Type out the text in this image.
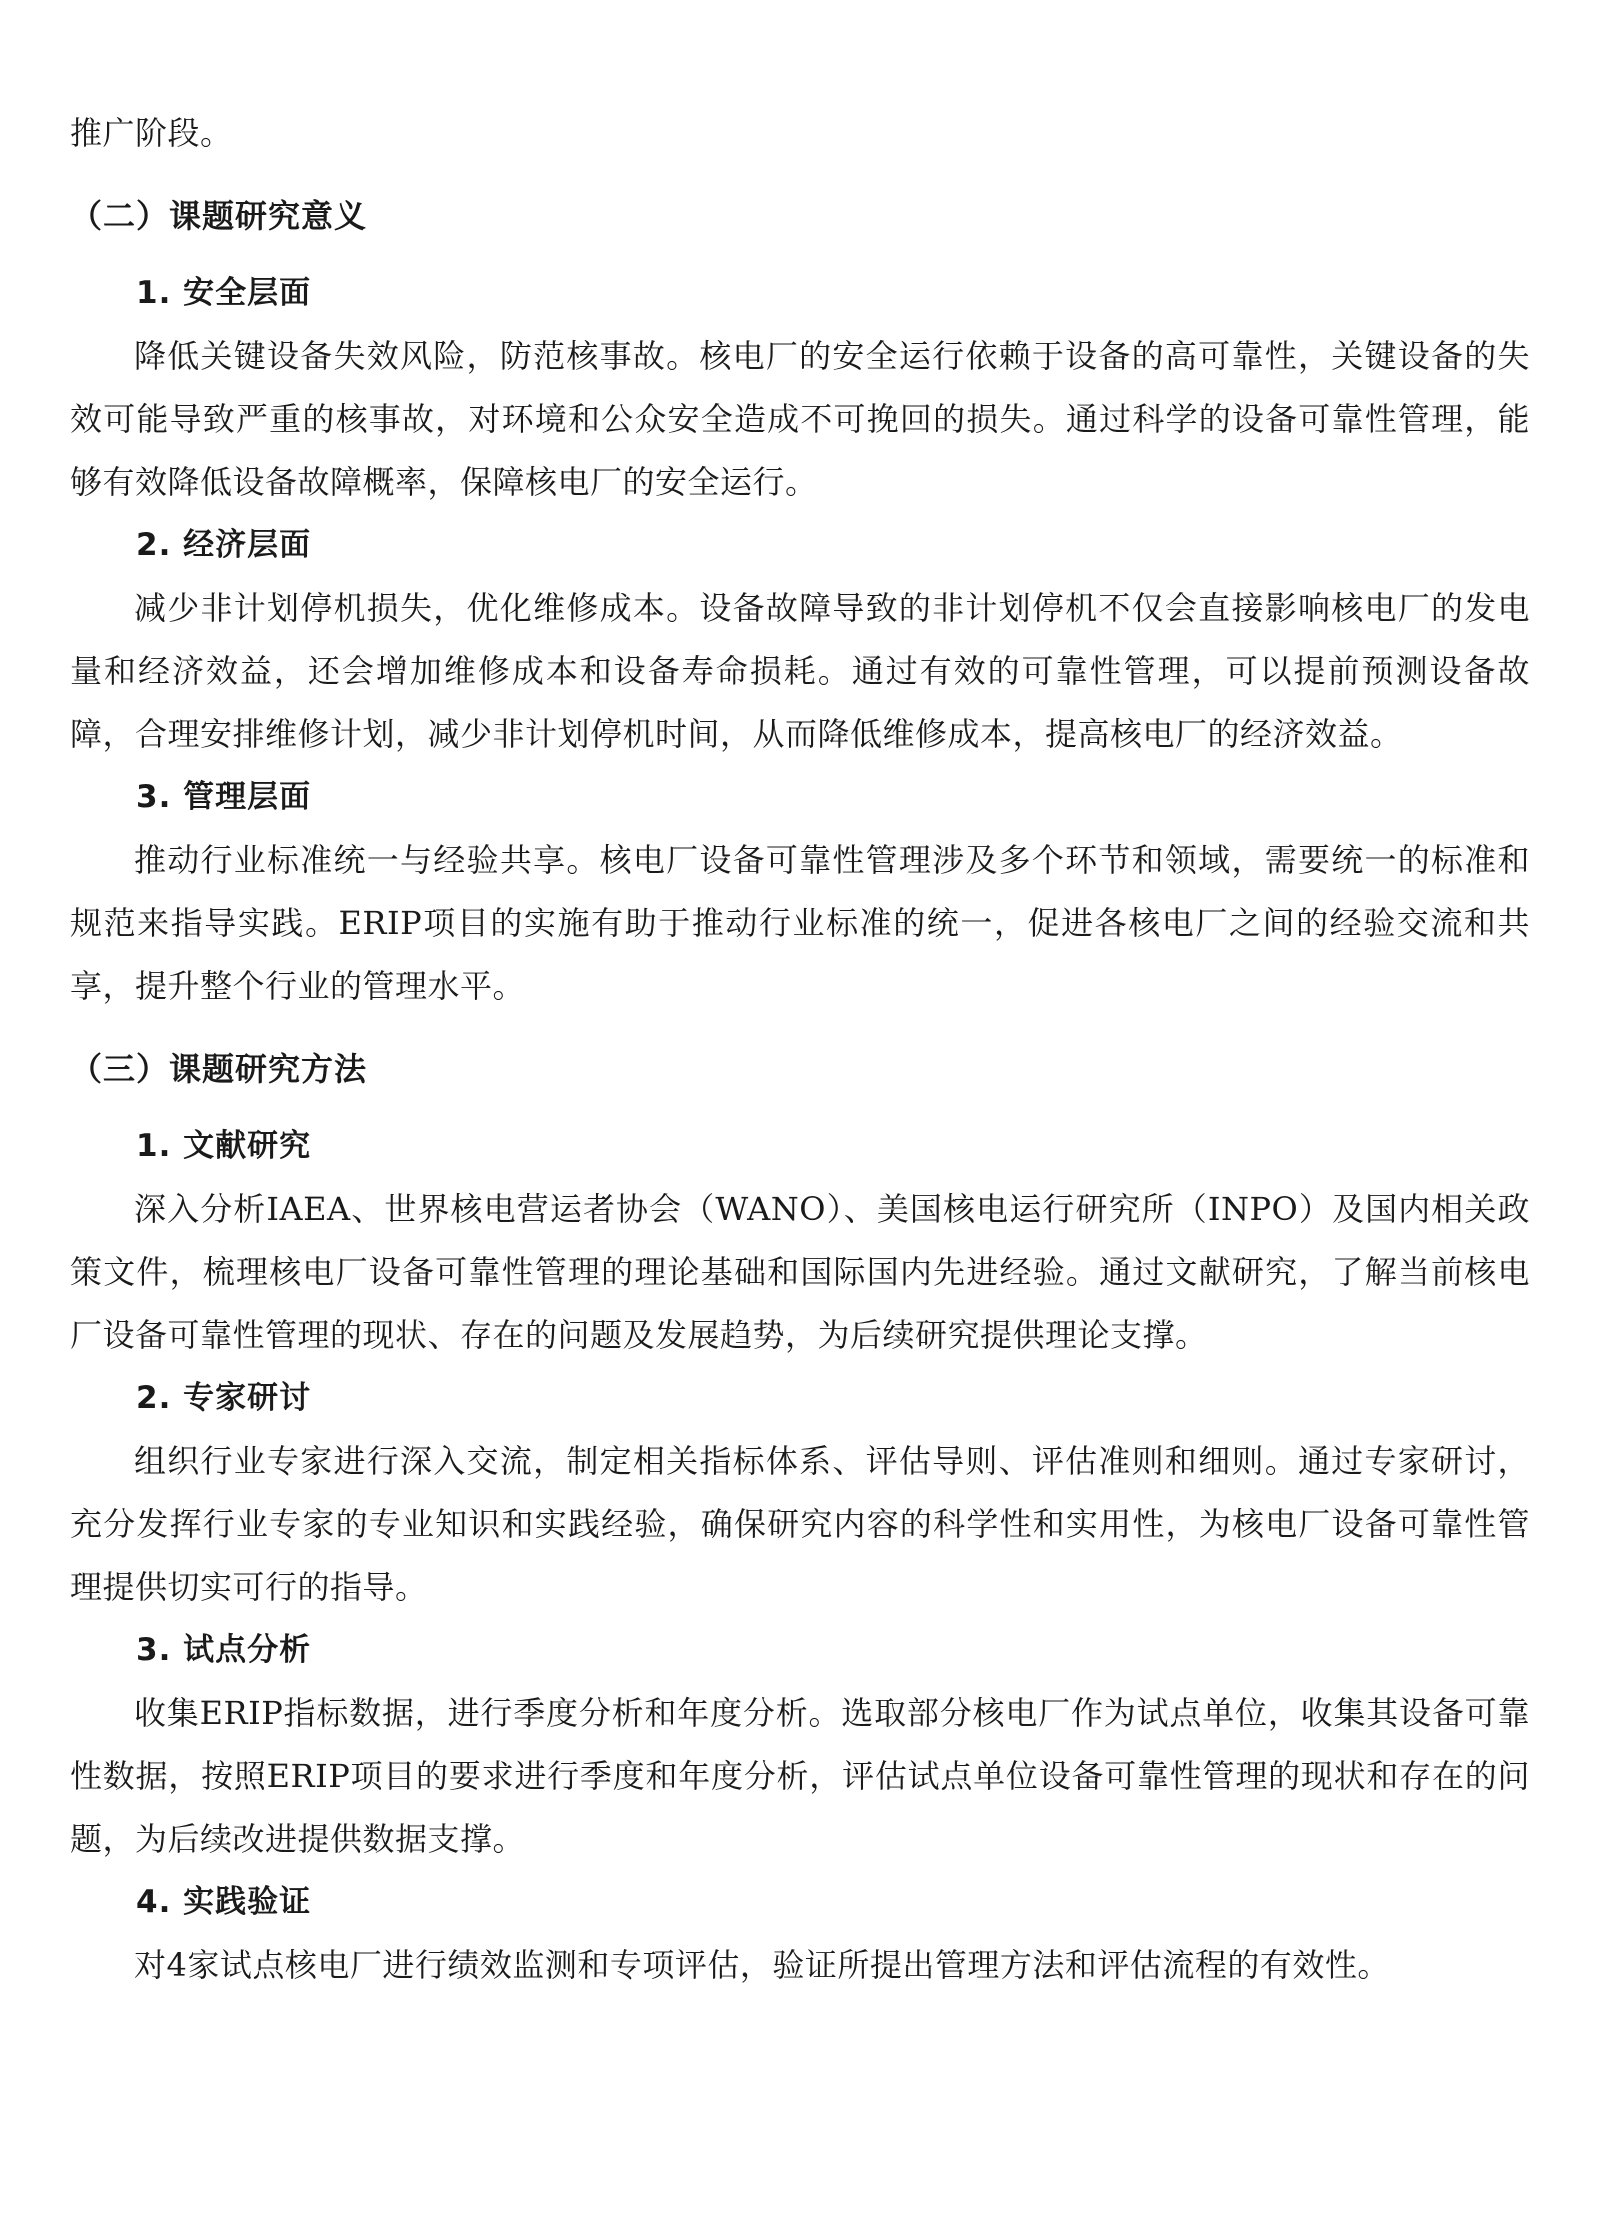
推广阶段。

（二）课题研究意义
1. 安全层面

降低关键设备失效风险，防范核事故。核电厂的安全运行依赖于设备的高可靠性，关键设备的失效可能导致严重的核事故，对环境和公众安全造成不可挽回的损失。通过科学的设备可靠性管理，能够有效降低设备故障概率，保障核电厂的安全运行。

2. 经济层面

减少非计划停机损失，优化维修成本。设备故障导致的非计划停机不仅会直接影响核电厂的发电量和经济效益，还会增加维修成本和设备寿命损耗。通过有效的可靠性管理，可以提前预测设备故障，合理安排维修计划，减少非计划停机时间，从而降低维修成本，提高核电厂的经济效益。

3. 管理层面

推动行业标准统一与经验共享。核电厂设备可靠性管理涉及多个环节和领域，需要统一的标准和规范来指导实践。ERIP项目的实施有助于推动行业标准的统一，促进各核电厂之间的经验交流和共享，提升整个行业的管理水平。

（三）课题研究方法
1. 文献研究

深入分析IAEA、世界核电营运者协会（WANO）、美国核电运行研究所（INPO）及国内相关政策文件，梳理核电厂设备可靠性管理的理论基础和国际国内先进经验。通过文献研究，了解当前核电厂设备可靠性管理的现状、存在的问题及发展趋势，为后续研究提供理论支撑。

2. 专家研讨

组织行业专家进行深入交流，制定相关指标体系、评估导则、评估准则和细则。通过专家研讨，充分发挥行业专家的专业知识和实践经验，确保研究内容的科学性和实用性，为核电厂设备可靠性管理提供切实可行的指导。

3. 试点分析

收集ERIP指标数据，进行季度分析和年度分析。选取部分核电厂作为试点单位，收集其设备可靠性数据，按照ERIP项目的要求进行季度和年度分析，评估试点单位设备可靠性管理的现状和存在的问题，为后续改进提供数据支撑。

4. 实践验证

对4家试点核电厂进行绩效监测和专项评估，验证所提出管理方法和评估流程的有效性。
